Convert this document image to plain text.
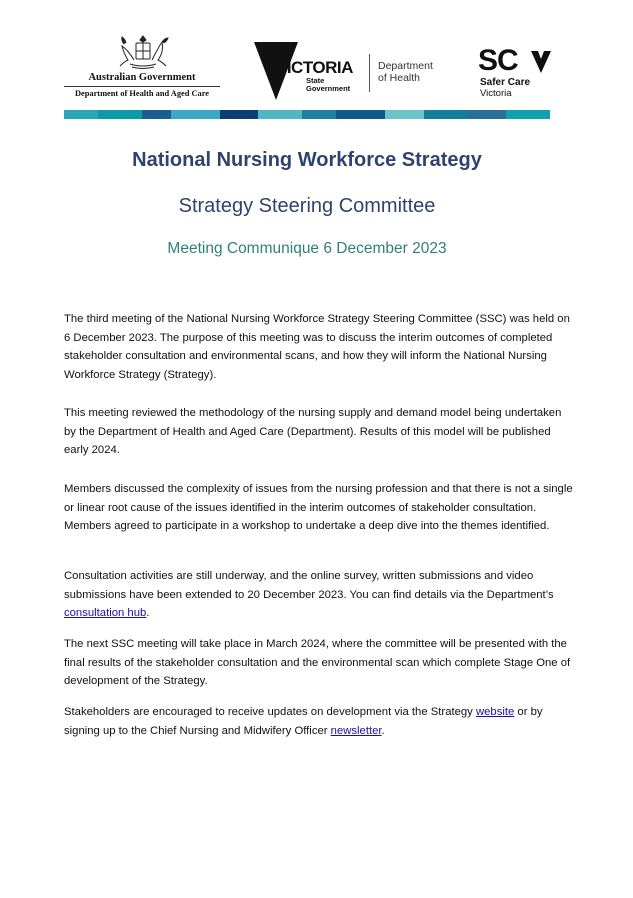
Australian Government
Department of Health and Aged Care
VICTORIA
State
Government
Department
of Health
SC
Safer Care
Victoria
National Nursing Workforce Strategy
Strategy Steering Committee
Meeting Communique 6 December 2023
The third meeting of the National Nursing Workforce Strategy Steering Committee (SSC) was held on 6 December 2023. The purpose of this meeting was to discuss the interim outcomes of completed stakeholder consultation and environmental scans, and how they will inform the National Nursing Workforce Strategy (Strategy).
This meeting reviewed the methodology of the nursing supply and demand model being undertaken by the Department of Health and Aged Care (Department). Results of this model will be published early 2024.
Members discussed the complexity of issues from the nursing profession and that there is not a single or linear root cause of the issues identified in the interim outcomes of stakeholder consultation. Members agreed to participate in a workshop to undertake a deep dive into the themes identified.
Consultation activities are still underway, and the online survey, written submissions and video submissions have been extended to 20 December 2023. You can find details via the Department’s consultation hub.
The next SSC meeting will take place in March 2024, where the committee will be presented with the final results of the stakeholder consultation and the environmental scan which complete Stage One of development of the Strategy.
Stakeholders are encouraged to receive updates on development via the Strategy website or by signing up to the Chief Nursing and Midwifery Officer newsletter.
